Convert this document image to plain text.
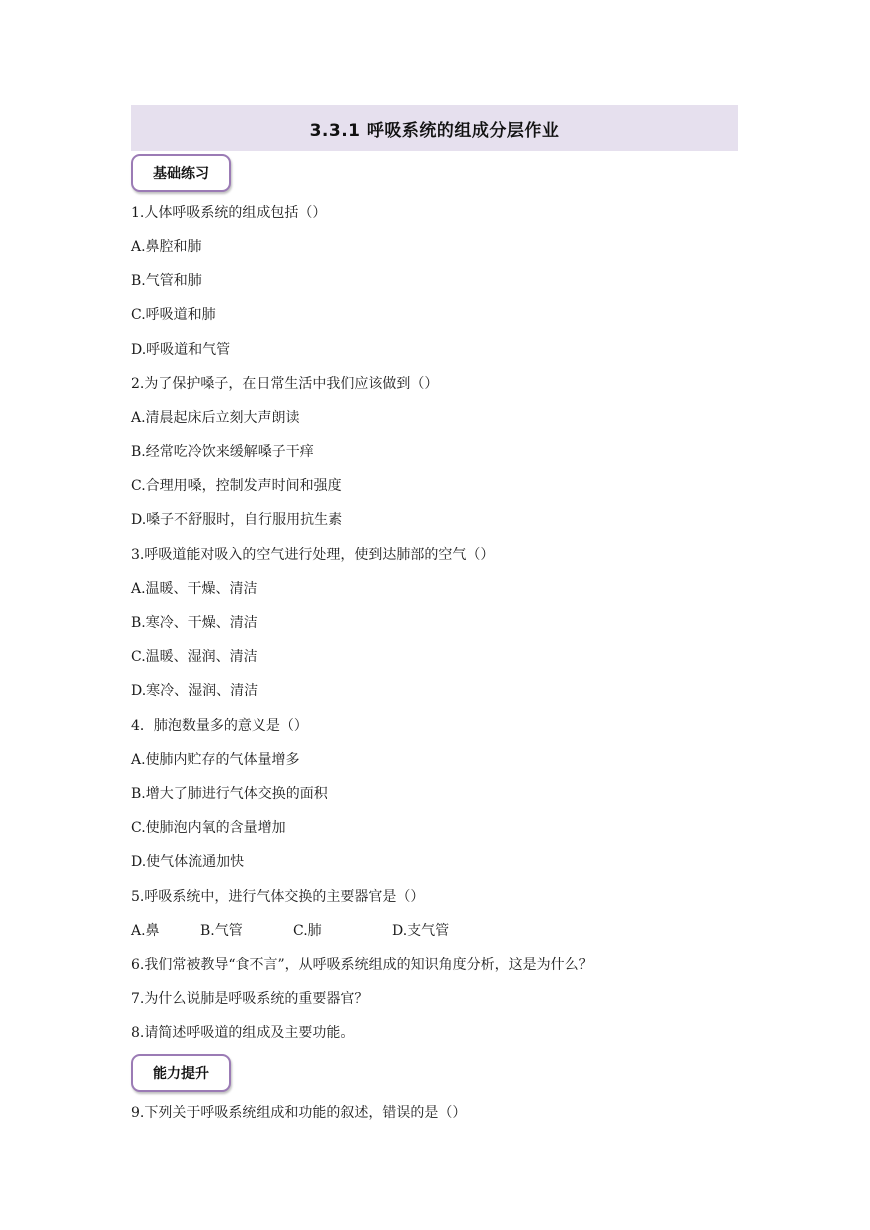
3.3.1 呼吸系统的组成分层作业
基础练习
1.人体呼吸系统的组成包括（）
A.鼻腔和肺
B.气管和肺
C.呼吸道和肺
D.呼吸道和气管
2.为了保护嗓子，在日常生活中我们应该做到（）
A.清晨起床后立刻大声朗读
B.经常吃冷饮来缓解嗓子干痒
C.合理用嗓，控制发声时间和强度
D.嗓子不舒服时，自行服用抗生素
3.呼吸道能对吸入的空气进行处理，使到达肺部的空气（）
A.温暖、干燥、清洁
B.寒冷、干燥、清洁
C.温暖、湿润、清洁
D.寒冷、湿润、清洁
4．肺泡数量多的意义是（）
A.使肺内贮存的气体量增多
B.增大了肺进行气体交换的面积
C.使肺泡内氧的含量增加
D.使气体流通加快
5.呼吸系统中，进行气体交换的主要器官是（）
A.鼻	B.气管	C.肺	D.支气管
6.我们常被教导“食不言”，从呼吸系统组成的知识角度分析，这是为什么？
7.为什么说肺是呼吸系统的重要器官？
8.请简述呼吸道的组成及主要功能。
能力提升
9.下列关于呼吸系统组成和功能的叙述，错误的是（）
